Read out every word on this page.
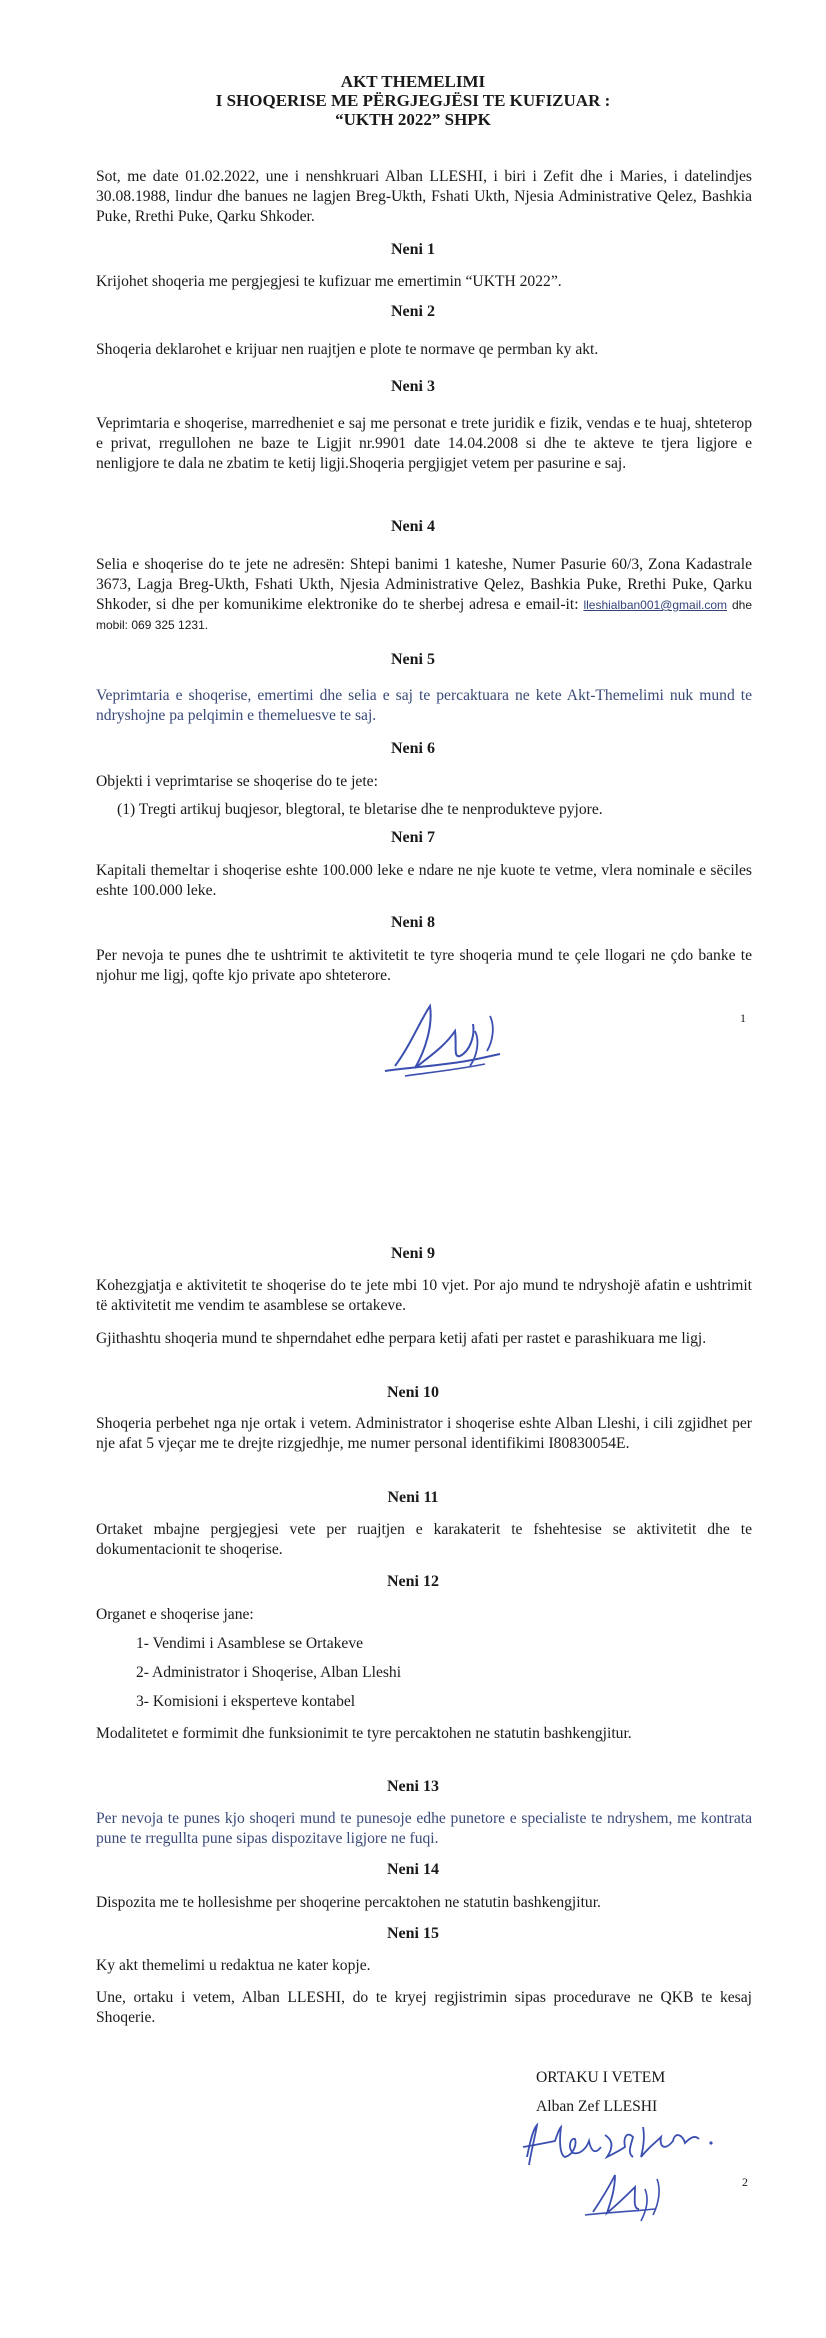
AKT THEMELIMI
I SHOQERISE ME PËRGJEGJËSI TE KUFIZUAR :
“UKTH 2022” SHPK
Sot, me date 01.02.2022, une i nenshkruari Alban LLESHI, i biri i Zefit dhe i Maries, i datelindjes 30.08.1988, lindur dhe banues ne lagjen Breg-Ukth, Fshati Ukth, Njesia Administrative Qelez, Bashkia Puke, Rrethi Puke, Qarku Shkoder.
Neni 1
Krijohet shoqeria me pergjegjesi te kufizuar me emertimin “UKTH 2022”.
Neni 2
Shoqeria deklarohet e krijuar nen ruajtjen e plote te normave qe permban ky akt.
Neni 3
Veprimtaria e shoqerise, marredheniet e saj me personat e trete juridik e fizik, vendas e te huaj, shteterор e privat, rregullohen ne baze te Ligjit nr.9901 date 14.04.2008 si dhe te akteve te tjera ligjore e nenligjore te dala ne zbatim te ketij ligji.Shoqeria pergjigjet vetem per pasurine e saj.
Neni 4
Selia e shoqerise do te jete ne adresën: Shtepi banimi 1 kateshe, Numer Pasurie 60/3, Zona Kadastrale 3673, Lagja Breg-Ukth, Fshati Ukth, Njesia Administrative Qelez, Bashkia Puke, Rrethi Puke, Qarku Shkoder, si dhe per komunikime elektronike do te sherbej adresa e email-it: lleshialban001@gmail.com dhe mobil: 069 325 1231.
Neni 5
Veprimtaria e shoqerise, emertimi dhe selia e saj te percaktuara ne kete Akt-Themelimi nuk mund te ndryshojne pa pelqimin e themeluesve te saj.
Neni 6
Objekti i veprimtarise se shoqerise do te jete:
(1) Tregti artikuj buqjesor, blegtoral, te bletarise dhe te nenprodukteve pyjore.
Neni 7
Kapitali themeltar i shoqerise eshte 100.000 leke e ndare ne nje kuote te vetme, vlera nominale e sëciles eshte 100.000 leke.
Neni 8
Per nevoja te punes dhe te ushtrimit te aktivitetit te tyre shoqeria mund te çele llogari ne çdo banke te njohur me ligj, qofte kjo private apo shteterore.
1
Neni 9
Kohezgjatja e aktivitetit te shoqerise do te jete mbi 10 vjet. Por ajo mund te ndryshojë afatin e ushtrimit të aktivitetit me vendim te asamblese se ortakeve.
Gjithashtu shoqeria mund te shperndahet edhe perpara ketij afati per rastet e parashikuara me ligj.
Neni 10
Shoqeria perbehet nga nje ortak i vetem. Administrator i shoqerise eshte Alban Lleshi, i cili zgjidhet per nje afat 5 vjeçar me te drejte rizgjedhje, me numer personal identifikimi I80830054E.
Neni 11
Ortaket mbajne pergjegjesi vete per ruajtjen e karakaterit te fshehtesise se aktivitetit dhe te dokumentacionit te shoqerise.
Neni 12
Organet e shoqerise jane:
1- Vendimi i Asamblese se Ortakeve
2- Administrator i Shoqerise, Alban Lleshi
3- Komisioni i eksperteve kontabel
Modalitetet e formimit dhe funksionimit te tyre percaktohen ne statutin bashkengjitur.
Neni 13
Per nevoja te punes kjo shoqeri mund te punesoje edhe punetore e specialiste te ndryshem, me kontrata pune te rregullta pune sipas dispozitave ligjore ne fuqi.
Neni 14
Dispozita me te hollesishme per shoqerine percaktohen ne statutin bashkengjitur.
Neni 15
Ky akt themelimi u redaktua ne kater kopje.
Une, ortaku i vetem, Alban LLESHI, do te kryej regjistrimin sipas procedurave ne QKB te kesaj Shoqerie.
ORTAKU I VETEM
Alban Zef LLESHI
2
